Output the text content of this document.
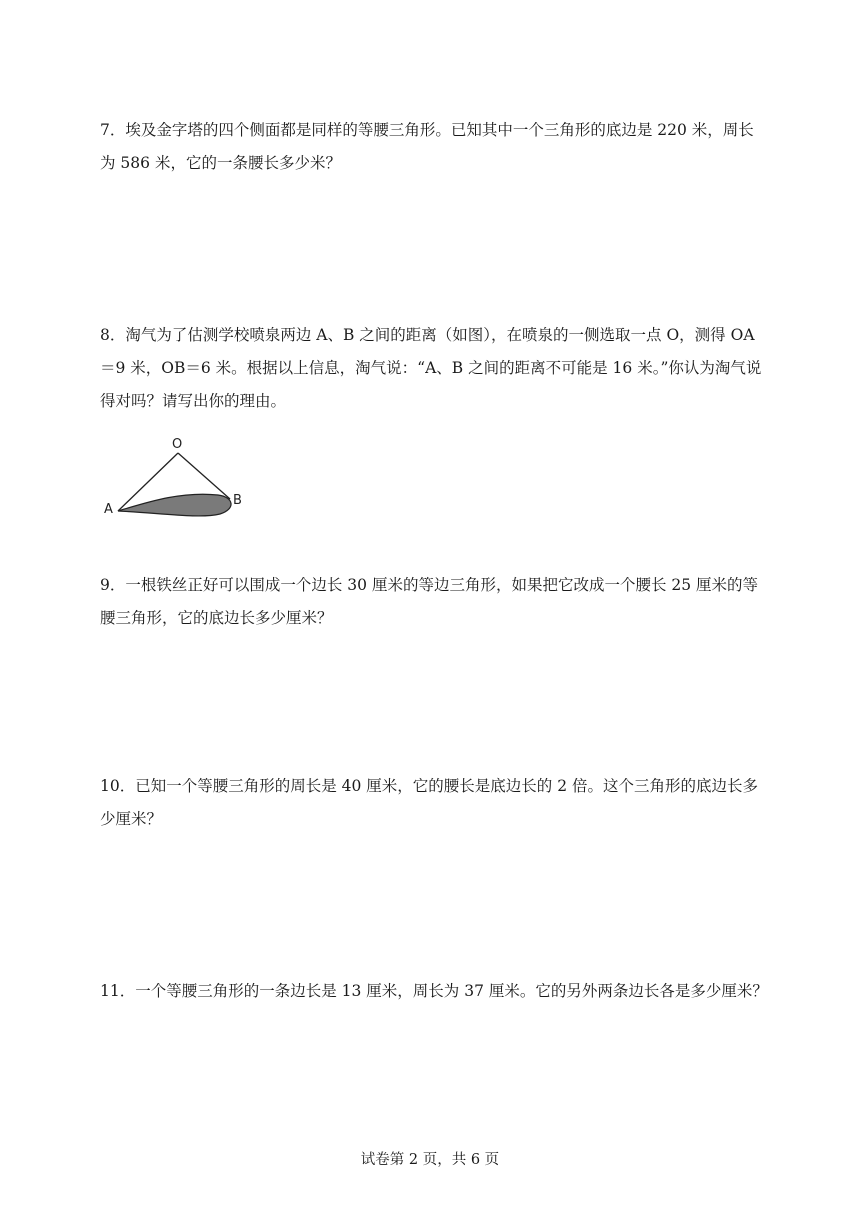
7．埃及金字塔的四个侧面都是同样的等腰三角形。已知其中一个三角形的底边是 220 米，周长

为 586 米，它的一条腰长多少米？

8．淘气为了估测学校喷泉两边 A、B 之间的距离（如图），在喷泉的一侧选取一点 O，测得 OA

＝9 米，OB＝6 米。根据以上信息，淘气说：“A、B 之间的距离不可能是 16 米。”你认为淘气说

得对吗？请写出你的理由。

O
A
B

9．一根铁丝正好可以围成一个边长 30 厘米的等边三角形，如果把它改成一个腰长 25 厘米的等

腰三角形，它的底边长多少厘米？

10．已知一个等腰三角形的周长是 40 厘米，它的腰长是底边长的 2 倍。这个三角形的底边长多

少厘米？

11．一个等腰三角形的一条边长是 13 厘米，周长为 37 厘米。它的另外两条边长各是多少厘米？

试卷第 2 页，共 6 页
